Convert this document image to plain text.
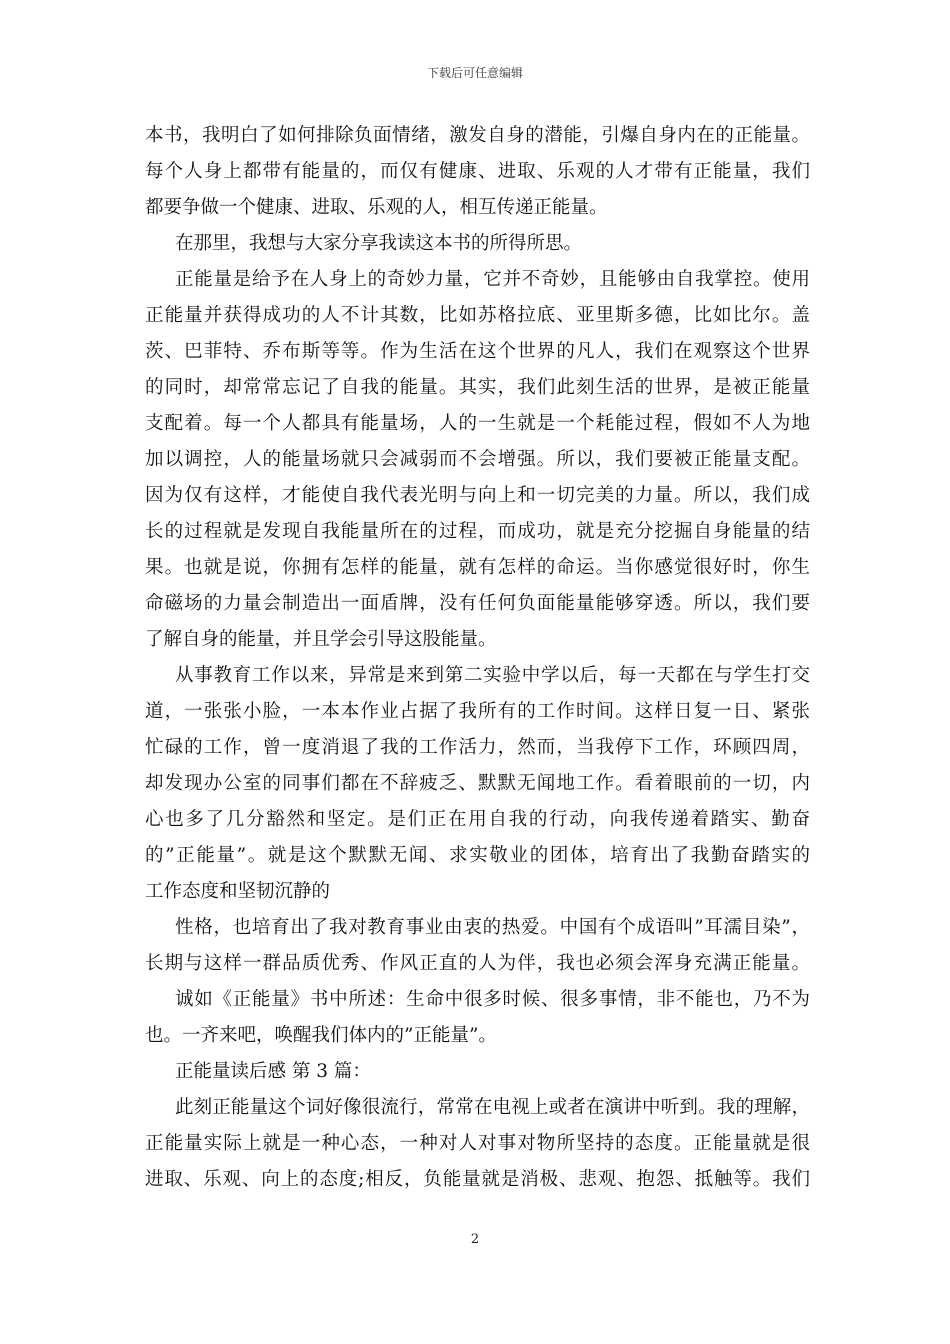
下载后可任意编辑
本书，我明白了如何排除负面情绪，激发自身的潜能，引爆自身内在的正能量。
每个人身上都带有能量的，而仅有健康、进取、乐观的人才带有正能量，我们
都要争做一个健康、进取、乐观的人，相互传递正能量。
在那里，我想与大家分享我读这本书的所得所思。
正能量是给予在人身上的奇妙力量，它并不奇妙，且能够由自我掌控。使用
正能量并获得成功的人不计其数，比如苏格拉底、亚里斯多德，比如比尔。盖
茨、巴菲特、乔布斯等等。作为生活在这个世界的凡人，我们在观察这个世界
的同时，却常常忘记了自我的能量。其实，我们此刻生活的世界，是被正能量
支配着。每一个人都具有能量场，人的一生就是一个耗能过程，假如不人为地
加以调控，人的能量场就只会减弱而不会增强。所以，我们要被正能量支配。
因为仅有这样，才能使自我代表光明与向上和一切完美的力量。所以，我们成
长的过程就是发现自我能量所在的过程，而成功，就是充分挖掘自身能量的结
果。也就是说，你拥有怎样的能量，就有怎样的命运。当你感觉很好时，你生
命磁场的力量会制造出一面盾牌，没有任何负面能量能够穿透。所以，我们要
了解自身的能量，并且学会引导这股能量。
从事教育工作以来，异常是来到第二实验中学以后，每一天都在与学生打交
道，一张张小脸，一本本作业占据了我所有的工作时间。这样日复一日、紧张
忙碌的工作，曾一度消退了我的工作活力，然而，当我停下工作，环顾四周，
却发现办公室的同事们都在不辞疲乏、默默无闻地工作。看着眼前的一切，内
心也多了几分豁然和坚定。是们正在用自我的行动，向我传递着踏实、勤奋
的”正能量”。就是这个默默无闻、求实敬业的团体，培育出了我勤奋踏实的
工作态度和坚韧沉静的
性格，也培育出了我对教育事业由衷的热爱。中国有个成语叫”耳濡目染”，
长期与这样一群品质优秀、作风正直的人为伴，我也必须会浑身充满正能量。
诚如《正能量》书中所述：生命中很多时候、很多事情，非不能也，乃不为
也。一齐来吧，唤醒我们体内的”正能量”。
正能量读后感 第 3 篇：
此刻正能量这个词好像很流行，常常在电视上或者在演讲中听到。我的理解，
正能量实际上就是一种心态，一种对人对事对物所坚持的态度。正能量就是很
进取、乐观、向上的态度;相反，负能量就是消极、悲观、抱怨、抵触等。我们
2
